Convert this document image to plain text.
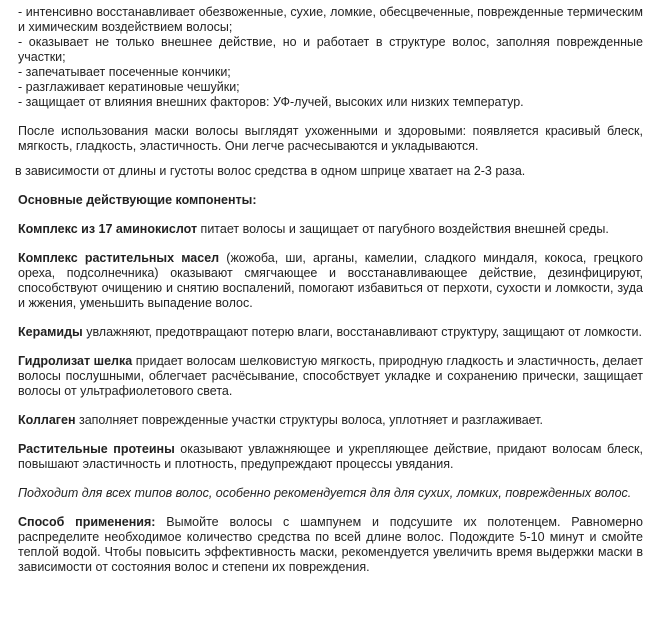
- интенсивно восстанавливает обезвоженные, сухие, ломкие, обесцвеченные, поврежденные термическим и химическим воздействием волосы;

- оказывает не только внешнее действие, но и работает в структуре волос, заполняя поврежденные участки;

- запечатывает посеченные кончики;

- разглаживает кератиновые чешуйки;

- защищает от влияния внешних факторов: УФ-лучей, высоких или низких температур.

После использования маски волосы выглядят ухоженными и здоровыми: появляется красивый блеск, мягкость, гладкость, эластичность. Они легче расчесываются и укладываются.

в зависимости от длины и густоты волос средства в одном шприце хватает на 2-3 раза.

Основные действующие компоненты:

Комплекс из 17 аминокислот питает волосы и защищает от пагубного воздействия внешней среды.

Комплекс растительных масел (жожоба, ши, арганы, камелии, сладкого миндаля, кокоса, грецкого ореха, подсолнечника) оказывают смягчающее и восстанавливающее действие, дезинфицируют, способствуют очищению и снятию воспалений, помогают избавиться от перхоти, сухости и ломкости, зуда и жжения, уменьшить выпадение волос.

Керамиды увлажняют, предотвращают потерю влаги, восстанавливают структуру, защищают от ломкости.

Гидролизат шелка придает волосам шелковистую мягкость, природную гладкость и эластичность, делает волосы послушными, облегчает расчёсывание, способствует укладке и сохранению прически, защищает волосы от ультрафиолетового света.

Коллаген заполняет поврежденные участки структуры волоса, уплотняет и разглаживает.

Растительные протеины оказывают увлажняющее и укрепляющее действие, придают волосам блеск, повышают эластичность и плотность, предупреждают процессы увядания.

Подходит для всех типов волос, особенно рекомендуется для для сухих, ломких, поврежденных волос.

Способ применения: Вымойте волосы с шампунем и подсушите их полотенцем. Равномерно распределите необходимое количество средства по всей длине волос. Подождите 5-10 минут и смойте теплой водой. Чтобы повысить эффективность маски, рекомендуется увеличить время выдержки маски в зависимости от состояния волос и степени их повреждения.
